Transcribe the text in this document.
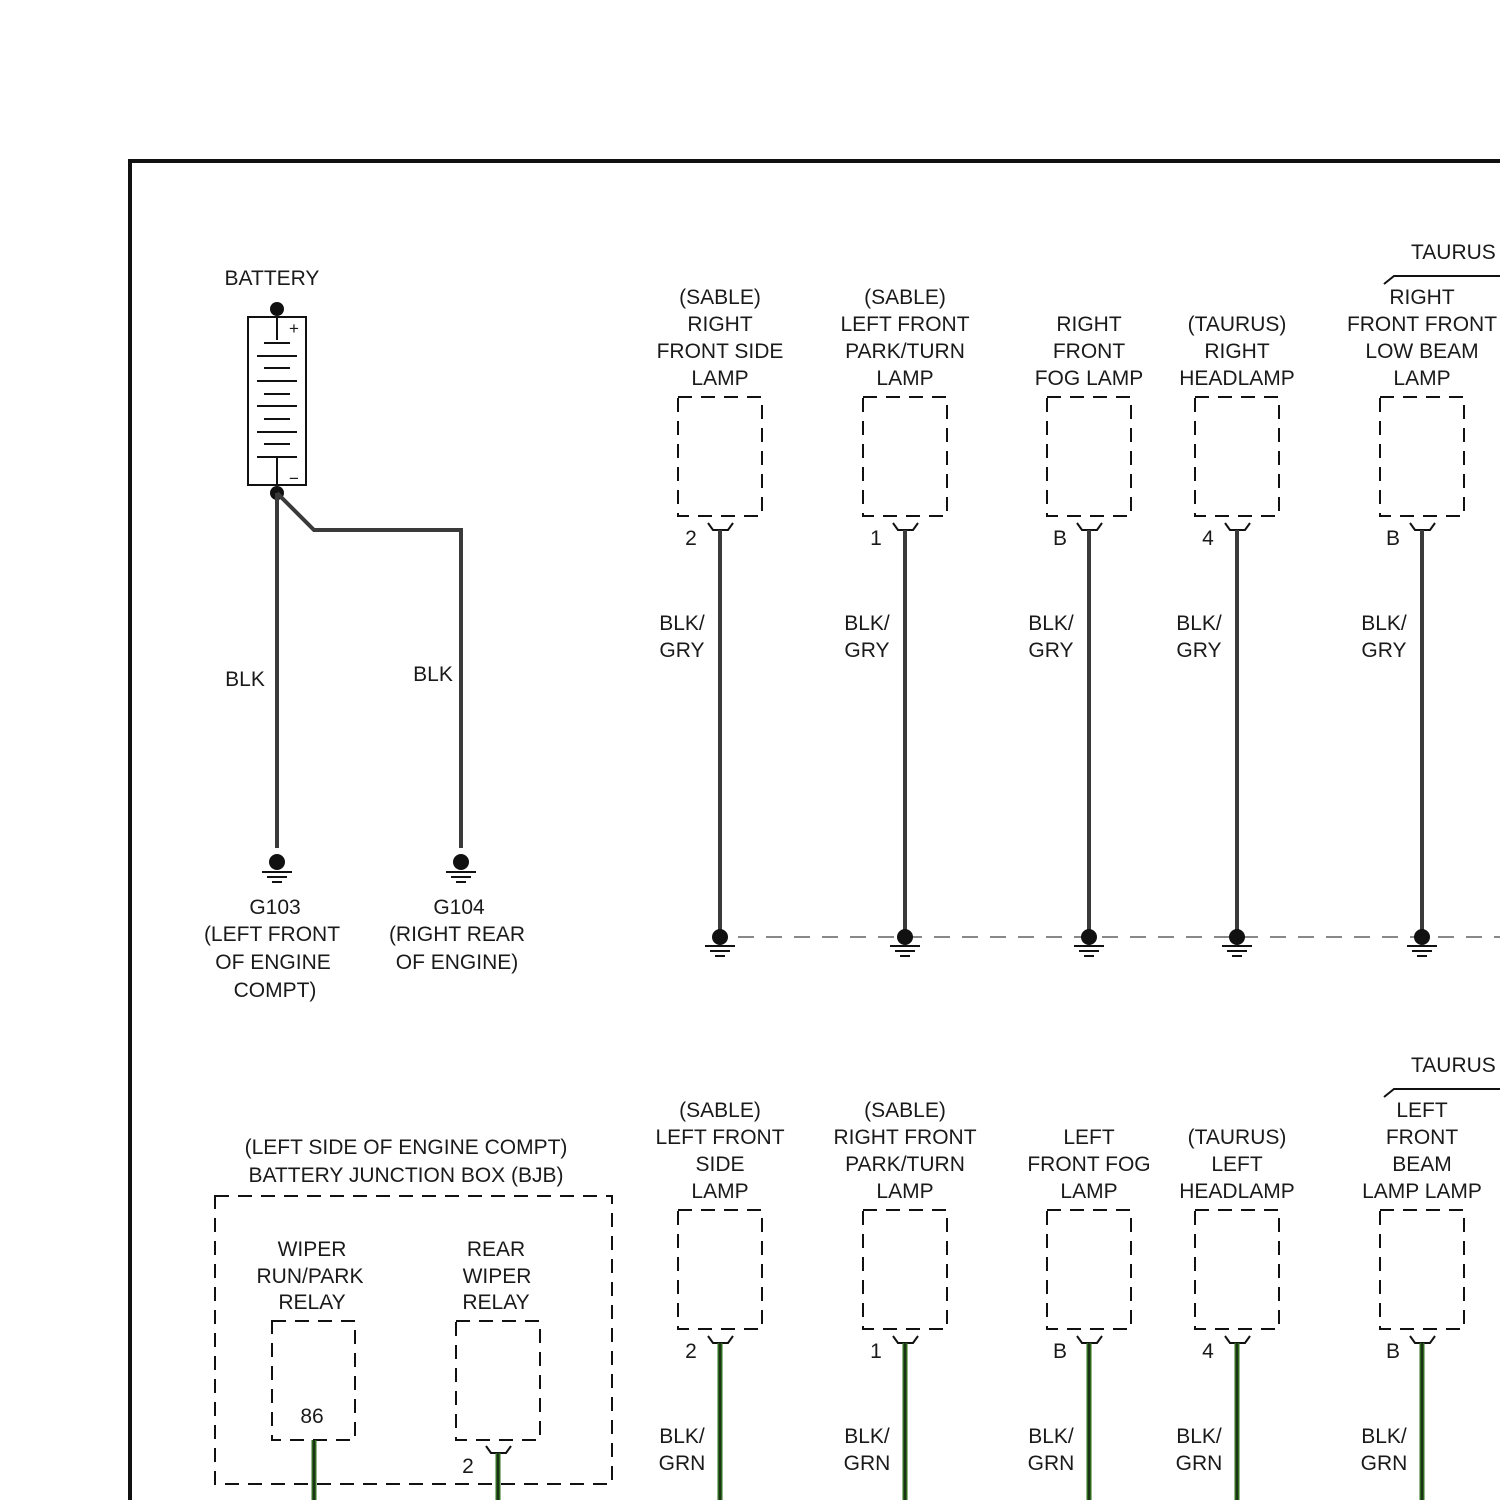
BATTERY
+
−
BLK	BLK
G103
(LEFT FRONT
OF ENGINE
COMPT)
G104
(RIGHT REAR
OF ENGINE)
TAURUS
TAURUS
(SABLE)
RIGHT
FRONT SIDE
LAMP
2
BLK/
GRY
(SABLE)
LEFT FRONT
PARK/TURN
LAMP
1
BLK/
GRY
RIGHT
FRONT
FOG LAMP
B
BLK/
GRY
(TAURUS)
RIGHT
HEADLAMP
4
BLK/
GRY
RIGHT
FRONT FRONT
LOW BEAM
LAMP
B
BLK/
GRY
(SABLE)
LEFT FRONT
SIDE
LAMP
2
BLK/
GRN
(SABLE)
RIGHT FRONT
PARK/TURN
LAMP
1
BLK/
GRN
LEFT
FRONT FOG
LAMP
B
BLK/
GRN
(TAURUS)
LEFT
HEADLAMP
4
BLK/
GRN
LEFT
FRONT
BEAM
LAMP LAMP
B
BLK/
GRN
(LEFT SIDE OF ENGINE COMPT)
BATTERY JUNCTION BOX (BJB)
WIPER
RUN/PARK
RELAY
86
REAR
WIPER
RELAY
2
